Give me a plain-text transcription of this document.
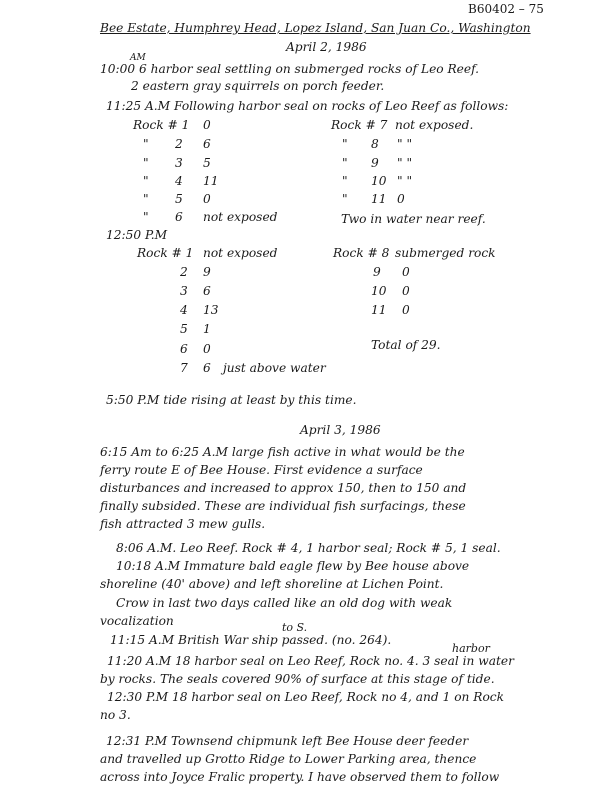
B60402 – 75
Bee Estate, Humphrey Head, Lopez Island, San Juan Co., Washington
April 2, 1986
AM
10:00 6 harbor seal settling on submerged rocks of Leo Reef.
2 eastern gray squirrels on porch feeder.
11:25 A.M Following harbor seal on rocks of Leo Reef as follows:
Rock # 1 0	Rock # 7 not exposed.
" 2 6	" 8 " "
" 3 5	" 9 " "
" 4 11	" 10 " "
" 5 0	" 11 0
" 6 not exposed	Two in water near reef.
12:50 P.M
Rock # 1 not exposed	Rock # 8 submerged rock
2 9	9 0
3 6	10 0
4 13	11 0
5 1
6 0	Total of 29.
7 6 just above water
5:50 P.M tide rising at least by this time.
April 3, 1986
6:15 Am to 6:25 A.M large fish active in what would be the
ferry route E of Bee House. First evidence a surface
disturbances and increased to approx 150, then to 150 and
finally subsided. These are individual fish surfacings, these
fish attracted 3 mew gulls.
8:06 A.M. Leo Reef. Rock # 4, 1 harbor seal; Rock # 5, 1 seal.
10:18 A.M Immature bald eagle flew by Bee house above
shoreline (40' above) and left shoreline at Lichen Point.
Crow in last two days called like an old dog with weak
vocalization	to S.
11:15 A.M British War ship passed. (no. 264).
11:20 A.M 18 harbor seal on Leo Reef, Rock no. 4. 3 seal in water
harbor
by rocks. The seals covered 90% of surface at this stage of tide.
12:30 P.M 18 harbor seal on Leo Reef, Rock no 4, and 1 on Rock
no 3.
12:31 P.M Townsend chipmunk left Bee House deer feeder
and travelled up Grotto Ridge to Lower Parking area, thence
across into Joyce Fralic property. I have observed them to follow
